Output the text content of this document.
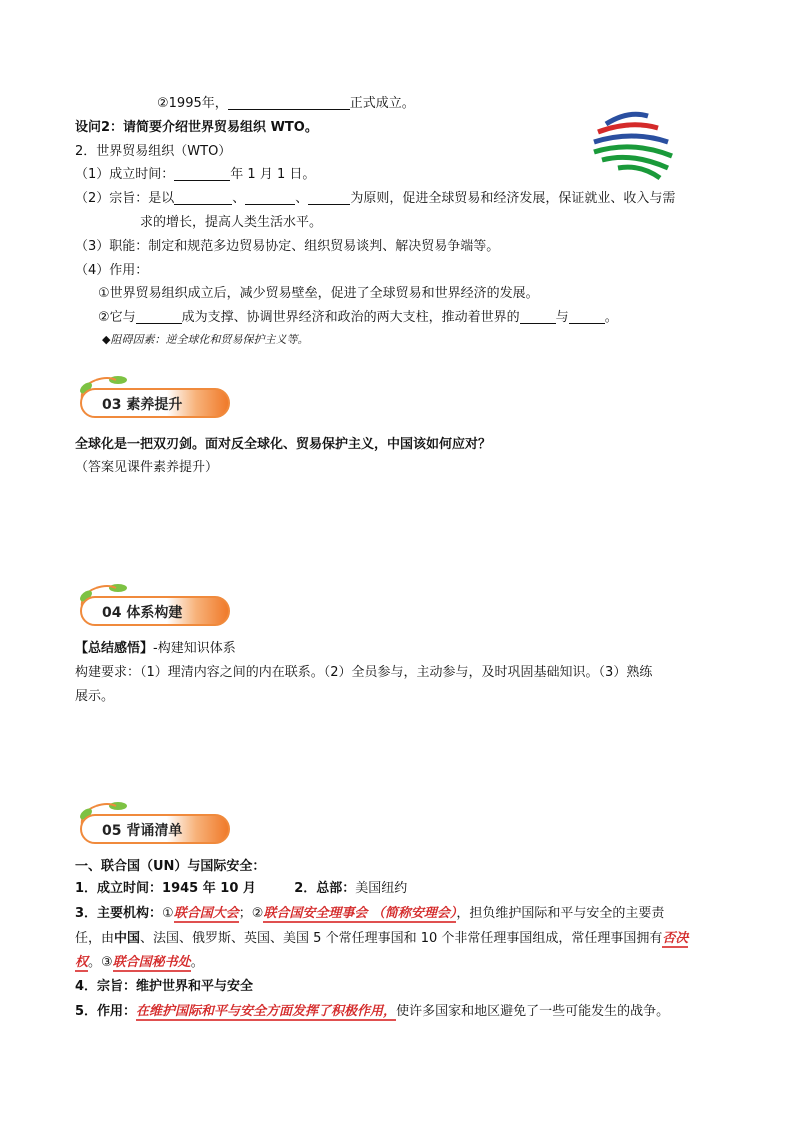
②1995年，	正式成立。
设问2：请简要介绍世界贸易组织 WTO。
2．世界贸易组织（WTO）
（1）成立时间：	年 1 月 1 日。
（2）宗旨：是以	、	、	为原则，促进全球贸易和经济发展，保证就业、收入与需
求的增长，提高人类生活水平。
（3）职能：制定和规范多边贸易协定、组织贸易谈判、解决贸易争端等。
（4）作用：
①世界贸易组织成立后，减少贸易壁垒，促进了全球贸易和世界经济的发展。
②它与	成为支撑、协调世界经济和政治的两大支柱，推动着世界的	与	。
◆阻碍因素：逆全球化和贸易保护主义等。
03 素养提升
全球化是一把双刃剑。面对反全球化、贸易保护主义，中国该如何应对？
（答案见课件素养提升）
04 体系构建
【总结感悟】-构建知识体系
构建要求：（1）理清内容之间的内在联系。（2）全员参与，主动参与，及时巩固基础知识。（3）熟练
展示。
05 背诵清单
一、联合国（UN）与国际安全：
1．成立时间：1945 年 10 月	2．总部：美国纽约
3．主要机构：①联合国大会；②联合国安全理事会 （简称安理会），担负维护国际和平与安全的主要责
任，由中国、法国、俄罗斯、英国、美国 5 个常任理事国和 10 个非常任理事国组成，常任理事国拥有否决
权。③联合国秘书处。
4．宗旨：维护世界和平与安全
5．作用：在维护国际和平与安全方面发挥了积极作用，使许多国家和地区避免了一些可能发生的战争。
